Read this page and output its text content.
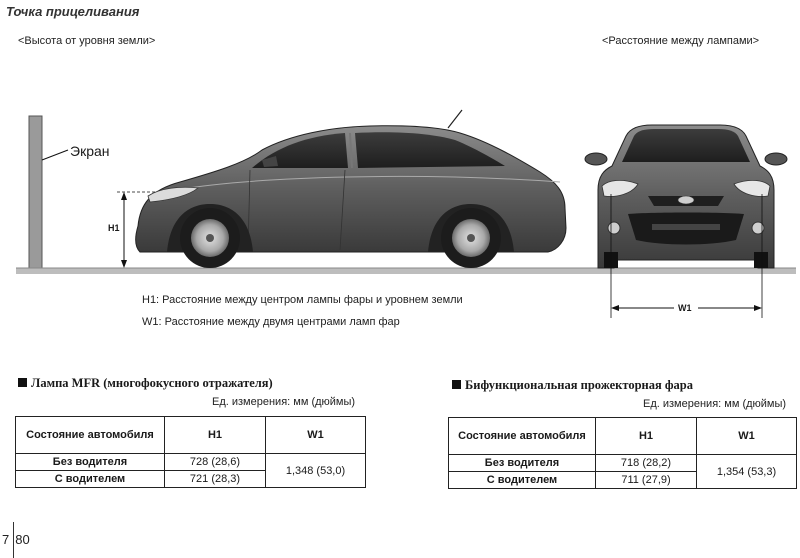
Точка прицеливания
<Высота от уровня земли>	<Расстояние между лампами>
Экран
H1
W1
H1: Расстояние между центром лампы фары и уровнем земли
W1: Расстояние между двумя центрами ламп фар
Лампа MFR (многофокусного отражателя)
Ед. измерения: мм (дюймы)
Состояние автомобиля	H1	W1
Без водителя	728 (28,6)	1,348 (53,0)
С водителем	721 (28,3)	
Бифункциональная прожекторная фара
Ед. измерения: мм (дюймы)
Состояние автомобиля	H1	W1
Без водителя	718 (28,2)	1,354 (53,3)
С водителем	711 (27,9)	
7 80
